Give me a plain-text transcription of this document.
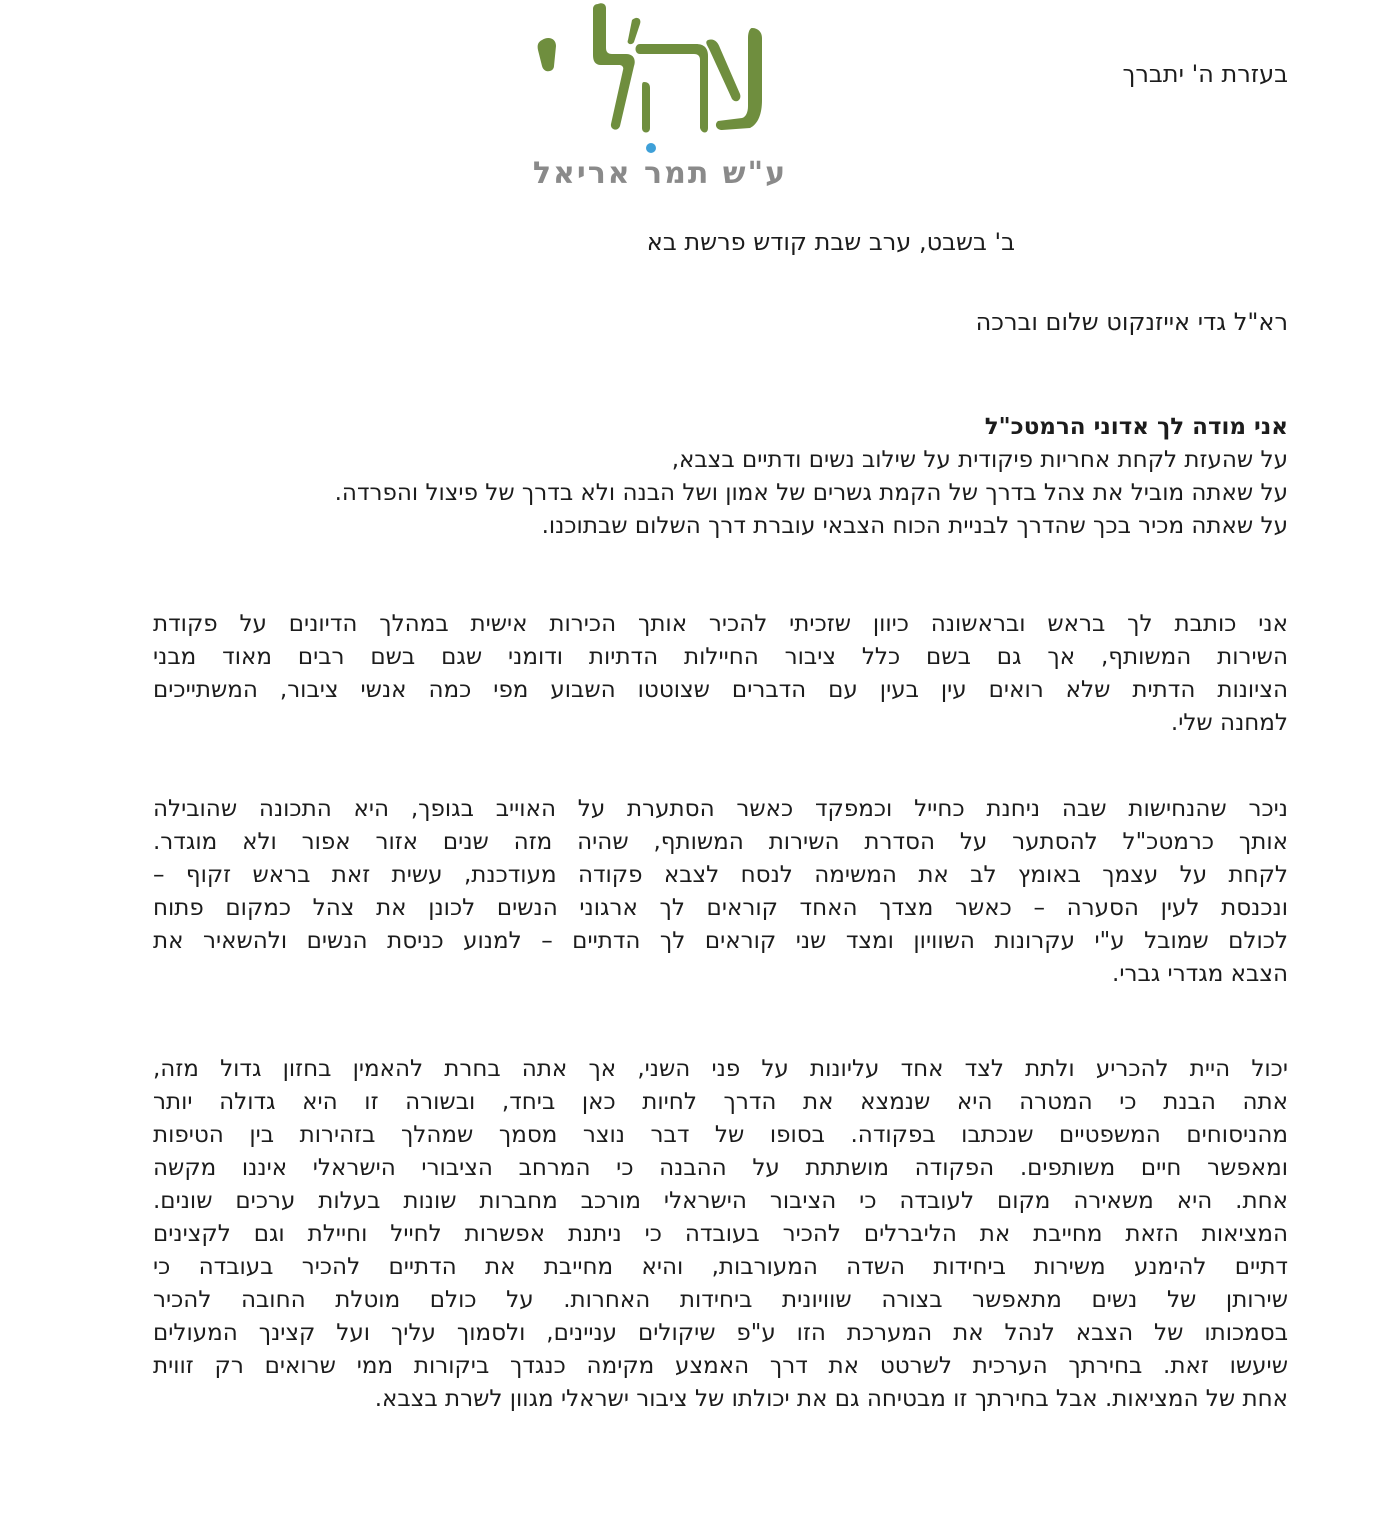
ע"ש תמר אריאל
בעזרת ה' יתברך
ב' בשבט, ערב שבת קודש פרשת בא
רא"ל גדי אייזנקוט שלום וברכה
אני מודה לך אדוני הרמטכ"ל
על שהעזת לקחת אחריות פיקודית על שילוב נשים ודתיים בצבא,
על שאתה מוביל את צהל בדרך של הקמת גשרים של אמון ושל הבנה ולא בדרך של פיצול והפרדה.
על שאתה מכיר בכך שהדרך לבניית הכוח הצבאי עוברת דרך השלום שבתוכנו.
אני כותבת לך בראש ובראשונה כיוון שזכיתי להכיר אותך הכירות אישית במהלך הדיונים על פקודת
השירות המשותף, אך גם בשם כלל ציבור החיילות הדתיות ודומני שגם בשם רבים מאוד מבני
הציונות הדתית שלא רואים עין בעין עם הדברים שצוטטו השבוע מפי כמה אנשי ציבור, המשתייכים
למחנה שלי.
ניכר שהנחישות שבה ניחנת כחייל וכמפקד כאשר הסתערת על האוייב בגופך, היא התכונה שהובילה
אותך כרמטכ"ל להסתער על הסדרת השירות המשותף, שהיה מזה שנים אזור אפור ולא מוגדר.
לקחת על עצמך באומץ לב את המשימה לנסח לצבא פקודה מעודכנת, עשית זאת בראש זקוף –
ונכנסת לעין הסערה – כאשר מצדך האחד קוראים לך ארגוני הנשים לכונן את צהל כמקום פתוח
לכולם שמובל ע"י עקרונות השוויון ומצד שני קוראים לך הדתיים – למנוע כניסת הנשים ולהשאיר את
הצבא מגדרי גברי.
יכול היית להכריע ולתת לצד אחד עליונות על פני השני, אך אתה בחרת להאמין בחזון גדול מזה,
אתה הבנת כי המטרה היא שנמצא את הדרך לחיות כאן ביחד, ובשורה זו היא גדולה יותר
מהניסוחים המשפטיים שנכתבו בפקודה. בסופו של דבר נוצר מסמך שמהלך בזהירות בין הטיפות
ומאפשר חיים משותפים. הפקודה מושתתת על ההבנה כי המרחב הציבורי הישראלי איננו מקשה
אחת. היא משאירה מקום לעובדה כי הציבור הישראלי מורכב מחברות שונות בעלות ערכים שונים.
המציאות הזאת מחייבת את הליברלים להכיר בעובדה כי ניתנת אפשרות לחייל וחיילת וגם לקצינים
דתיים להימנע משירות ביחידות השדה המעורבות, והיא מחייבת את הדתיים להכיר בעובדה כי
שירותן של נשים מתאפשר בצורה שוויונית ביחידות האחרות. על כולם מוטלת החובה להכיר
בסמכותו של הצבא לנהל את המערכת הזו ע"פ שיקולים עניינים, ולסמוך עליך ועל קצינך המעולים
שיעשו זאת. בחירתך הערכית לשרטט את דרך האמצע מקימה כנגדך ביקורות ממי שרואים רק זווית
אחת של המציאות. אבל בחירתך זו מבטיחה גם את יכולתו של ציבור ישראלי מגוון לשרת בצבא.
